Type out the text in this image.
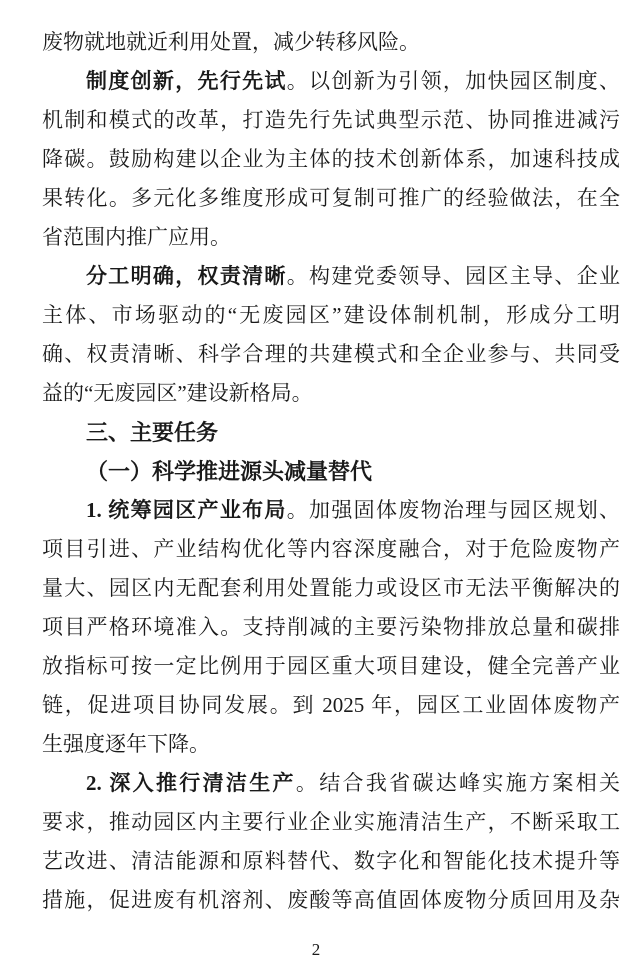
废物就地就近利用处置，减少转移风险。
制度创新，先行先试。以创新为引领，加快园区制度、
机制和模式的改革，打造先行先试典型示范、协同推进减污
降碳。鼓励构建以企业为主体的技术创新体系，加速科技成
果转化。多元化多维度形成可复制可推广的经验做法，在全
省范围内推广应用。
分工明确，权责清晰。构建党委领导、园区主导、企业
主体、市场驱动的“无废园区”建设体制机制，形成分工明
确、权责清晰、科学合理的共建模式和全企业参与、共同受
益的“无废园区”建设新格局。
三、主要任务
（一）科学推进源头减量替代
1. 统筹园区产业布局。加强固体废物治理与园区规划、
项目引进、产业结构优化等内容深度融合，对于危险废物产
量大、园区内无配套利用处置能力或设区市无法平衡解决的
项目严格环境准入。支持削减的主要污染物排放总量和碳排
放指标可按一定比例用于园区重大项目建设，健全完善产业
链，促进项目协同发展。到 2025 年，园区工业固体废物产
生强度逐年下降。
2. 深入推行清洁生产。结合我省碳达峰实施方案相关
要求，推动园区内主要行业企业实施清洁生产，不断采取工
艺改进、清洁能源和原料替代、数字化和智能化技术提升等
措施，促进废有机溶剂、废酸等高值固体废物分质回用及杂
2
